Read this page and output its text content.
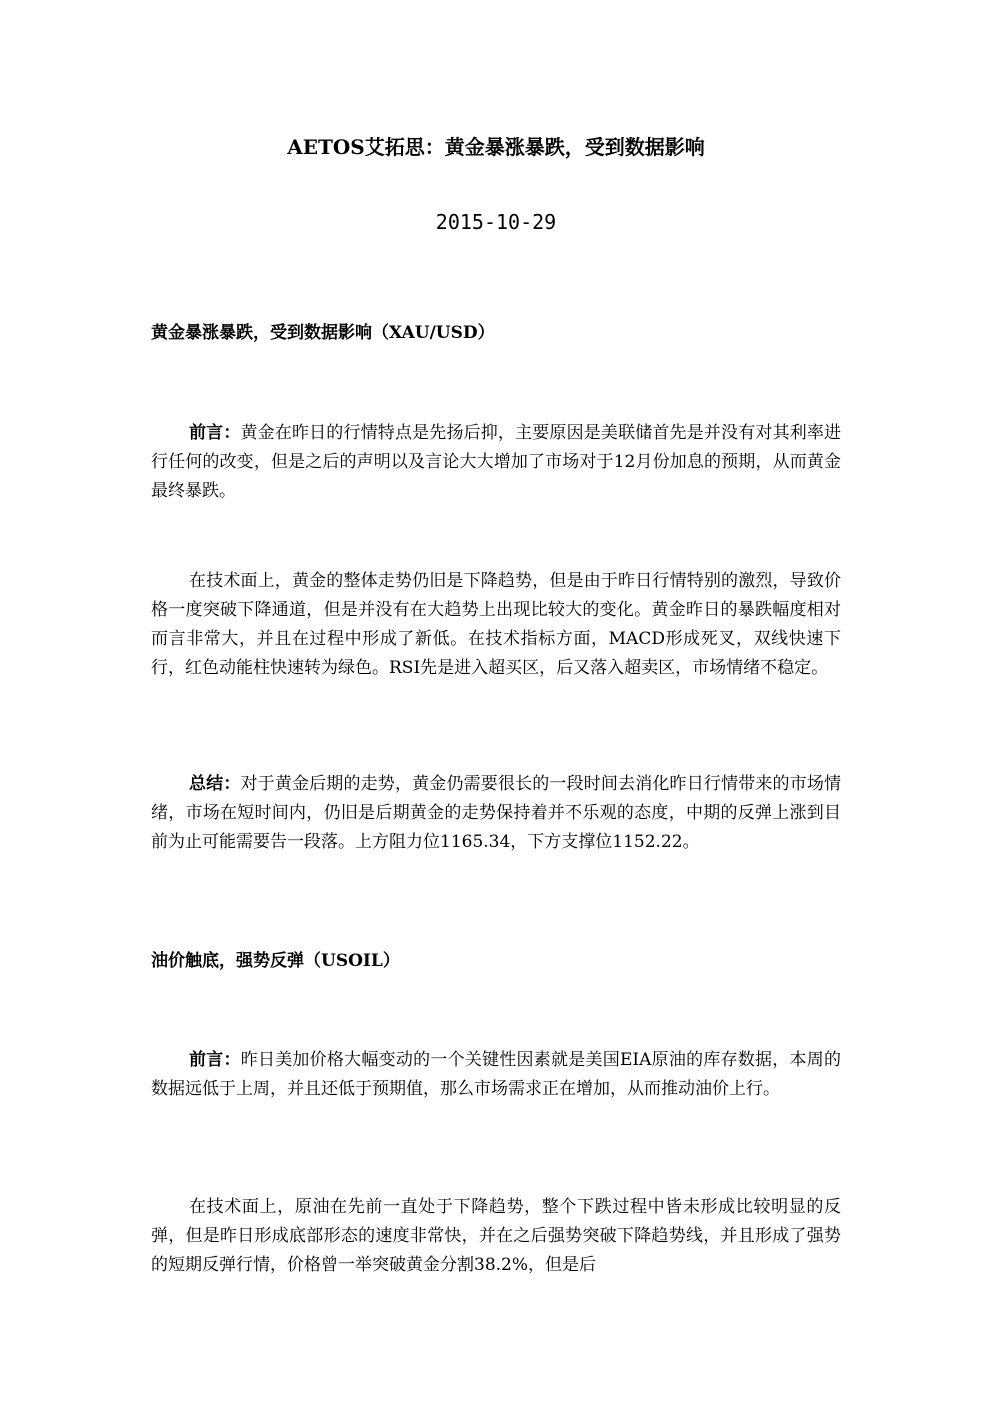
AETOS艾拓思：黄金暴涨暴跌，受到数据影响
2015-10-29
黄金暴涨暴跌，受到数据影响（XAU/USD）
前言：黄金在昨日的行情特点是先扬后抑，主要原因是美联储首先是并没有对其利率进行任何的改变，但是之后的声明以及言论大大增加了市场对于12月份加息的预期，从而黄金最终暴跌。
在技术面上，黄金的整体走势仍旧是下降趋势，但是由于昨日行情特别的激烈，导致价格一度突破下降通道，但是并没有在大趋势上出现比较大的变化。黄金昨日的暴跌幅度相对而言非常大，并且在过程中形成了新低。在技术指标方面，MACD形成死叉，双线快速下行，红色动能柱快速转为绿色。RSI先是进入超买区，后又落入超卖区，市场情绪不稳定。
总结：对于黄金后期的走势，黄金仍需要很长的一段时间去消化昨日行情带来的市场情绪，市场在短时间内，仍旧是后期黄金的走势保持着并不乐观的态度，中期的反弹上涨到目前为止可能需要告一段落。上方阻力位1165.34，下方支撑位1152.22。
油价触底，强势反弹（USOIL）
前言：昨日美加价格大幅变动的一个关键性因素就是美国EIA原油的库存数据，本周的数据远低于上周，并且还低于预期值，那么市场需求正在增加，从而推动油价上行。
在技术面上，原油在先前一直处于下降趋势，整个下跌过程中皆未形成比较明显的反弹，但是昨日形成底部形态的速度非常快，并在之后强势突破下降趋势线，并且形成了强势的短期反弹行情，价格曾一举突破黄金分割38.2%，但是后
